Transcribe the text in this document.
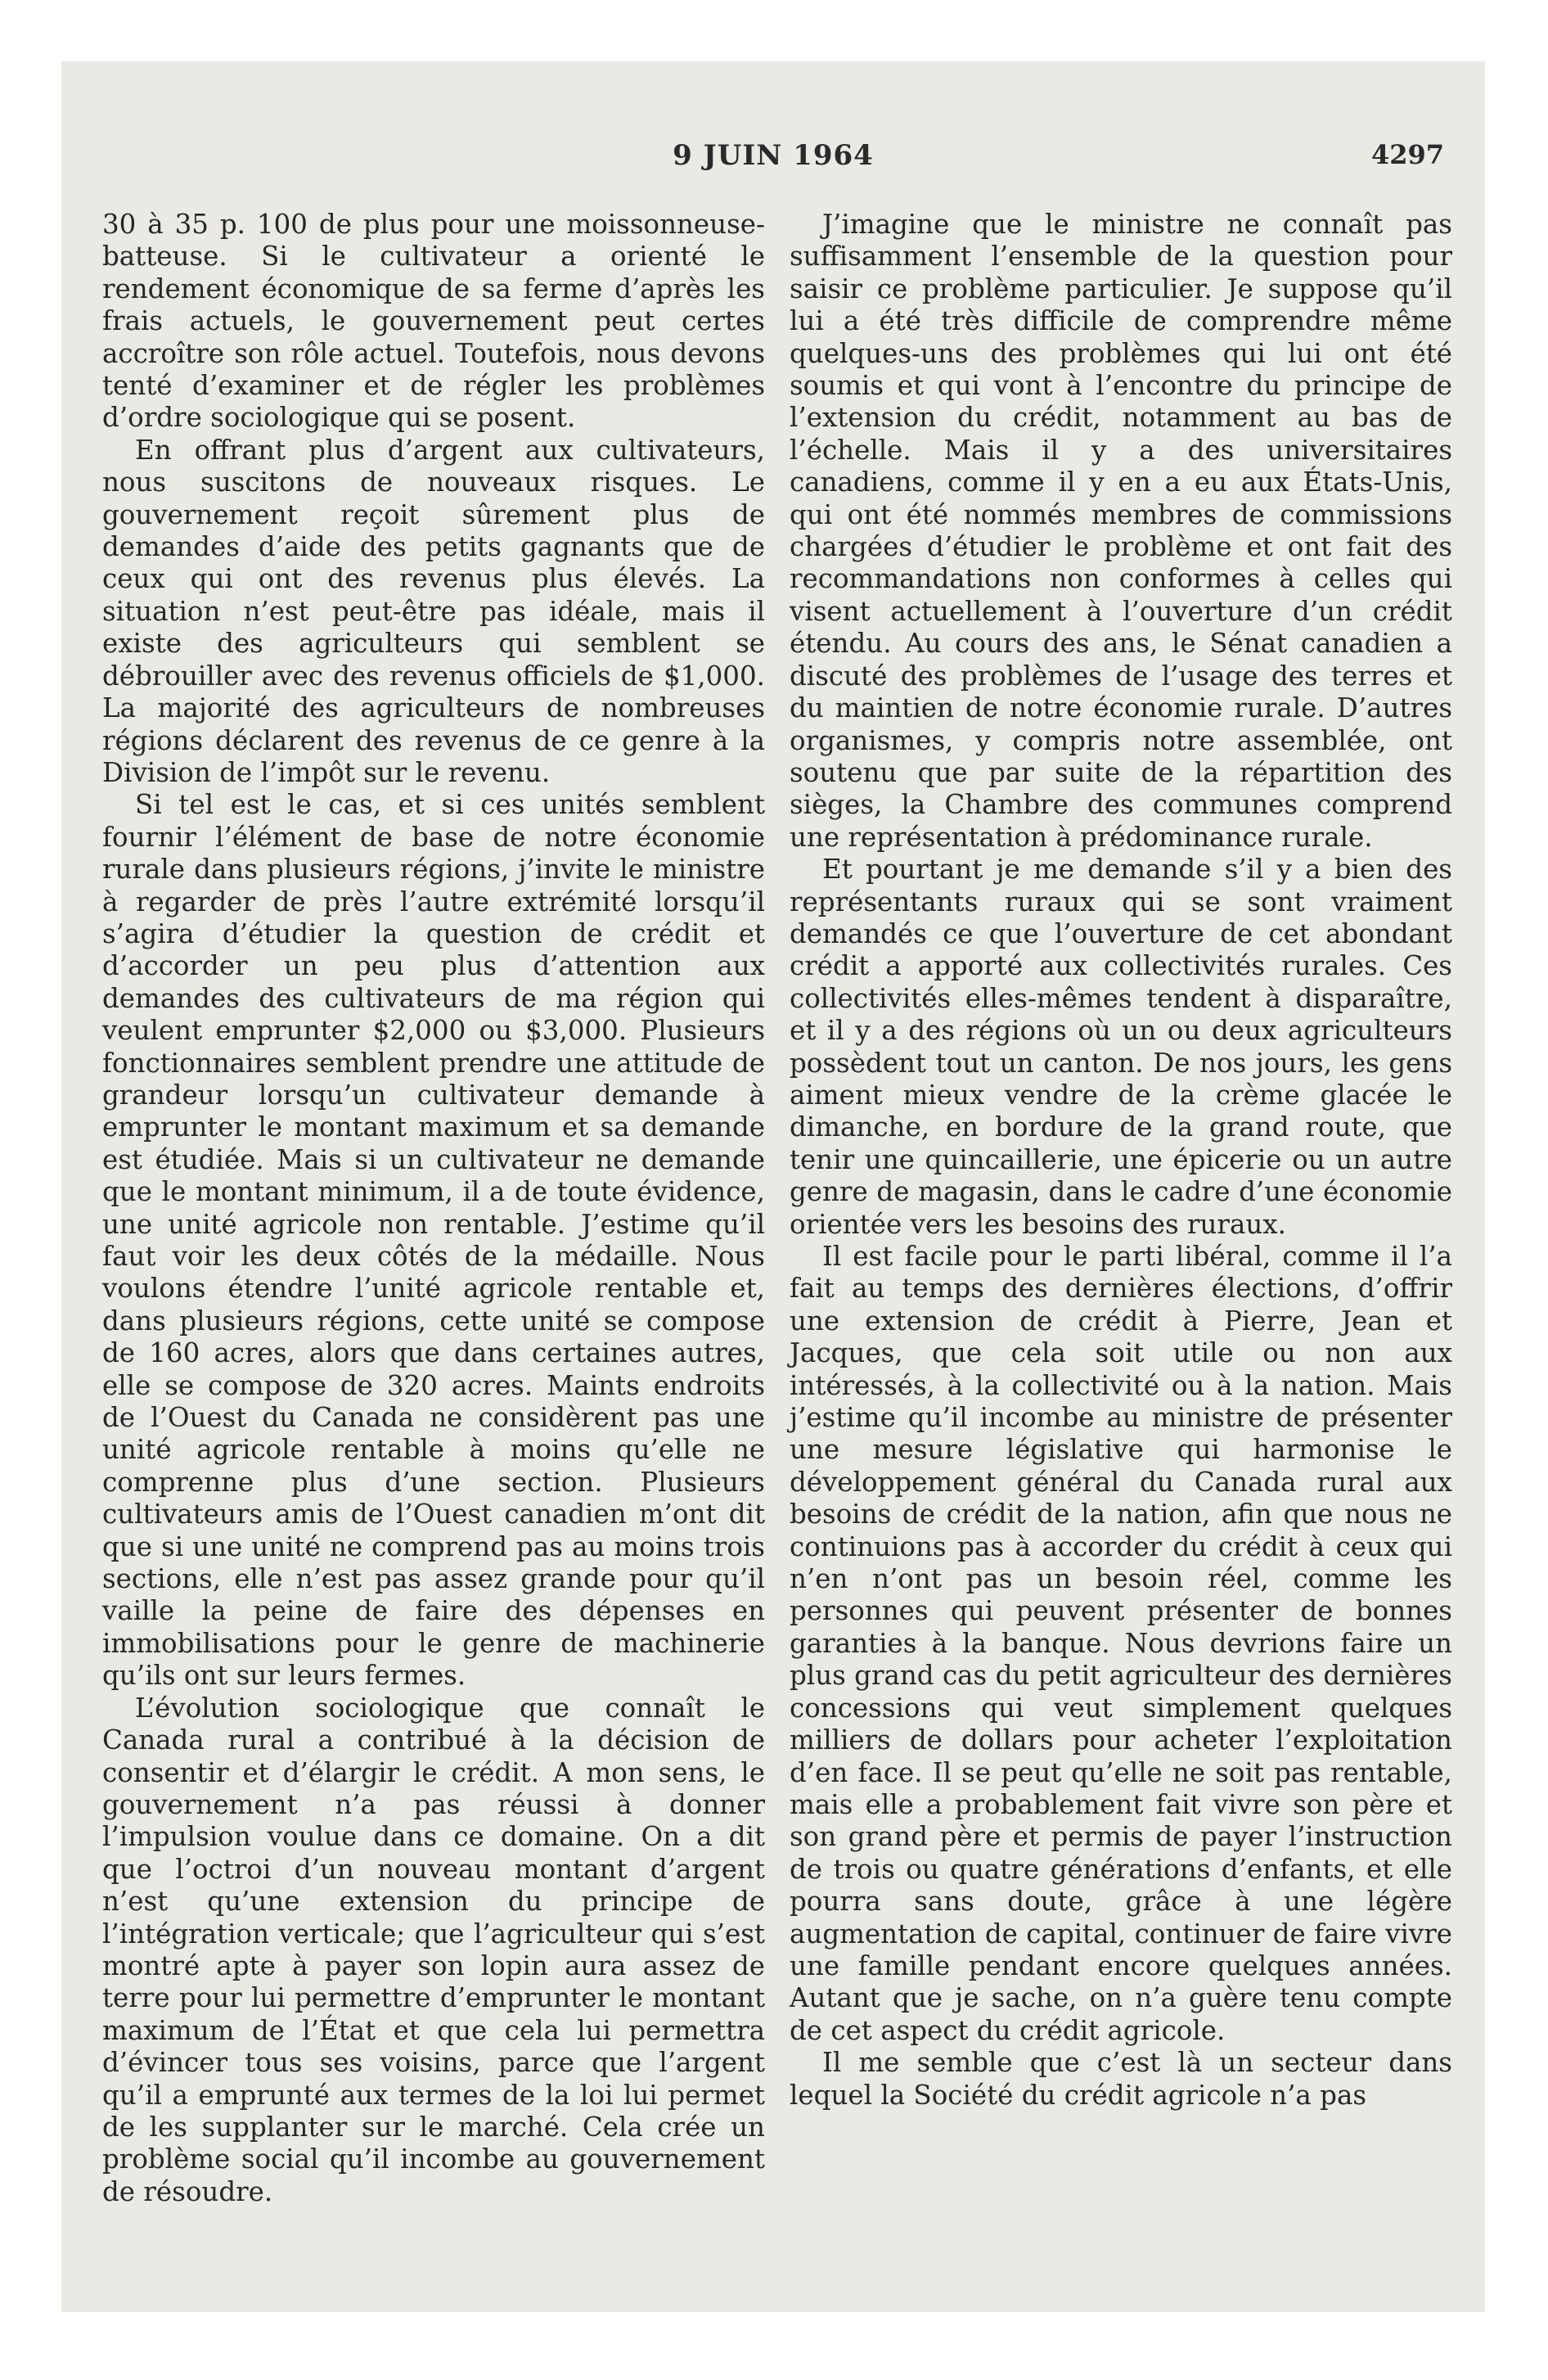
9 JUIN 1964	4297

30 à 35 p. 100 de plus pour une moissonneuse-batteuse. Si le cultivateur a orienté le rendement économique de sa ferme d’après les frais actuels, le gouvernement peut certes accroître son rôle actuel. Toutefois, nous devons tenté d’examiner et de régler les problèmes d’ordre sociologique qui se posent.

En offrant plus d’argent aux cultivateurs, nous suscitons de nouveaux risques. Le gouvernement reçoit sûrement plus de demandes d’aide des petits gagnants que de ceux qui ont des revenus plus élevés. La situation n’est peut-être pas idéale, mais il existe des agriculteurs qui semblent se débrouiller avec des revenus officiels de $1,000. La majorité des agriculteurs de nombreuses régions déclarent des revenus de ce genre à la Division de l’impôt sur le revenu.

Si tel est le cas, et si ces unités semblent fournir l’élément de base de notre économie rurale dans plusieurs régions, j’invite le ministre à regarder de près l’autre extrémité lorsqu’il s’agira d’étudier la question de crédit et d’accorder un peu plus d’attention aux demandes des cultivateurs de ma région qui veulent emprunter $2,000 ou $3,000. Plusieurs fonctionnaires semblent prendre une attitude de grandeur lorsqu’un cultivateur demande à emprunter le montant maximum et sa demande est étudiée. Mais si un cultivateur ne demande que le montant minimum, il a de toute évidence, une unité agricole non rentable. J’estime qu’il faut voir les deux côtés de la médaille. Nous voulons étendre l’unité agricole rentable et, dans plusieurs régions, cette unité se compose de 160 acres, alors que dans certaines autres, elle se compose de 320 acres. Maints endroits de l’Ouest du Canada ne considèrent pas une unité agricole rentable à moins qu’elle ne comprenne plus d’une section. Plusieurs cultivateurs amis de l’Ouest canadien m’ont dit que si une unité ne comprend pas au moins trois sections, elle n’est pas assez grande pour qu’il vaille la peine de faire des dépenses en immobilisations pour le genre de machinerie qu’ils ont sur leurs fermes.

L’évolution sociologique que connaît le Canada rural a contribué à la décision de consentir et d’élargir le crédit. A mon sens, le gouvernement n’a pas réussi à donner l’impulsion voulue dans ce domaine. On a dit que l’octroi d’un nouveau montant d’argent n’est qu’une extension du principe de l’intégration verticale; que l’agriculteur qui s’est montré apte à payer son lopin aura assez de terre pour lui permettre d’emprunter le montant maximum de l’État et que cela lui permettra d’évincer tous ses voisins, parce que l’argent qu’il a emprunté aux termes de la loi lui permet de les supplanter sur le marché. Cela crée un problème social qu’il incombe au gouvernement de résoudre.

J’imagine que le ministre ne connaît pas suffisamment l’ensemble de la question pour saisir ce problème particulier. Je suppose qu’il lui a été très difficile de comprendre même quelques-uns des problèmes qui lui ont été soumis et qui vont à l’encontre du principe de l’extension du crédit, notamment au bas de l’échelle. Mais il y a des universitaires canadiens, comme il y en a eu aux États-Unis, qui ont été nommés membres de commissions chargées d’étudier le problème et ont fait des recommandations non conformes à celles qui visent actuellement à l’ouverture d’un crédit étendu. Au cours des ans, le Sénat canadien a discuté des problèmes de l’usage des terres et du maintien de notre économie rurale. D’autres organismes, y compris notre assemblée, ont soutenu que par suite de la répartition des sièges, la Chambre des communes comprend une représentation à prédominance rurale.

Et pourtant je me demande s’il y a bien des représentants ruraux qui se sont vraiment demandés ce que l’ouverture de cet abondant crédit a apporté aux collectivités rurales. Ces collectivités elles-mêmes tendent à disparaître, et il y a des régions où un ou deux agriculteurs possèdent tout un canton. De nos jours, les gens aiment mieux vendre de la crème glacée le dimanche, en bordure de la grand route, que tenir une quincaillerie, une épicerie ou un autre genre de magasin, dans le cadre d’une économie orientée vers les besoins des ruraux.

Il est facile pour le parti libéral, comme il l’a fait au temps des dernières élections, d’offrir une extension de crédit à Pierre, Jean et Jacques, que cela soit utile ou non aux intéressés, à la collectivité ou à la nation. Mais j’estime qu’il incombe au ministre de présenter une mesure législative qui harmonise le développement général du Canada rural aux besoins de crédit de la nation, afin que nous ne continuions pas à accorder du crédit à ceux qui n’en n’ont pas un besoin réel, comme les personnes qui peuvent présenter de bonnes garanties à la banque. Nous devrions faire un plus grand cas du petit agriculteur des dernières concessions qui veut simplement quelques milliers de dollars pour acheter l’exploitation d’en face. Il se peut qu’elle ne soit pas rentable, mais elle a probablement fait vivre son père et son grand père et permis de payer l’instruction de trois ou quatre générations d’enfants, et elle pourra sans doute, grâce à une légère augmentation de capital, continuer de faire vivre une famille pendant encore quelques années. Autant que je sache, on n’a guère tenu compte de cet aspect du crédit agricole.

Il me semble que c’est là un secteur dans lequel la Société du crédit agricole n’a pas
